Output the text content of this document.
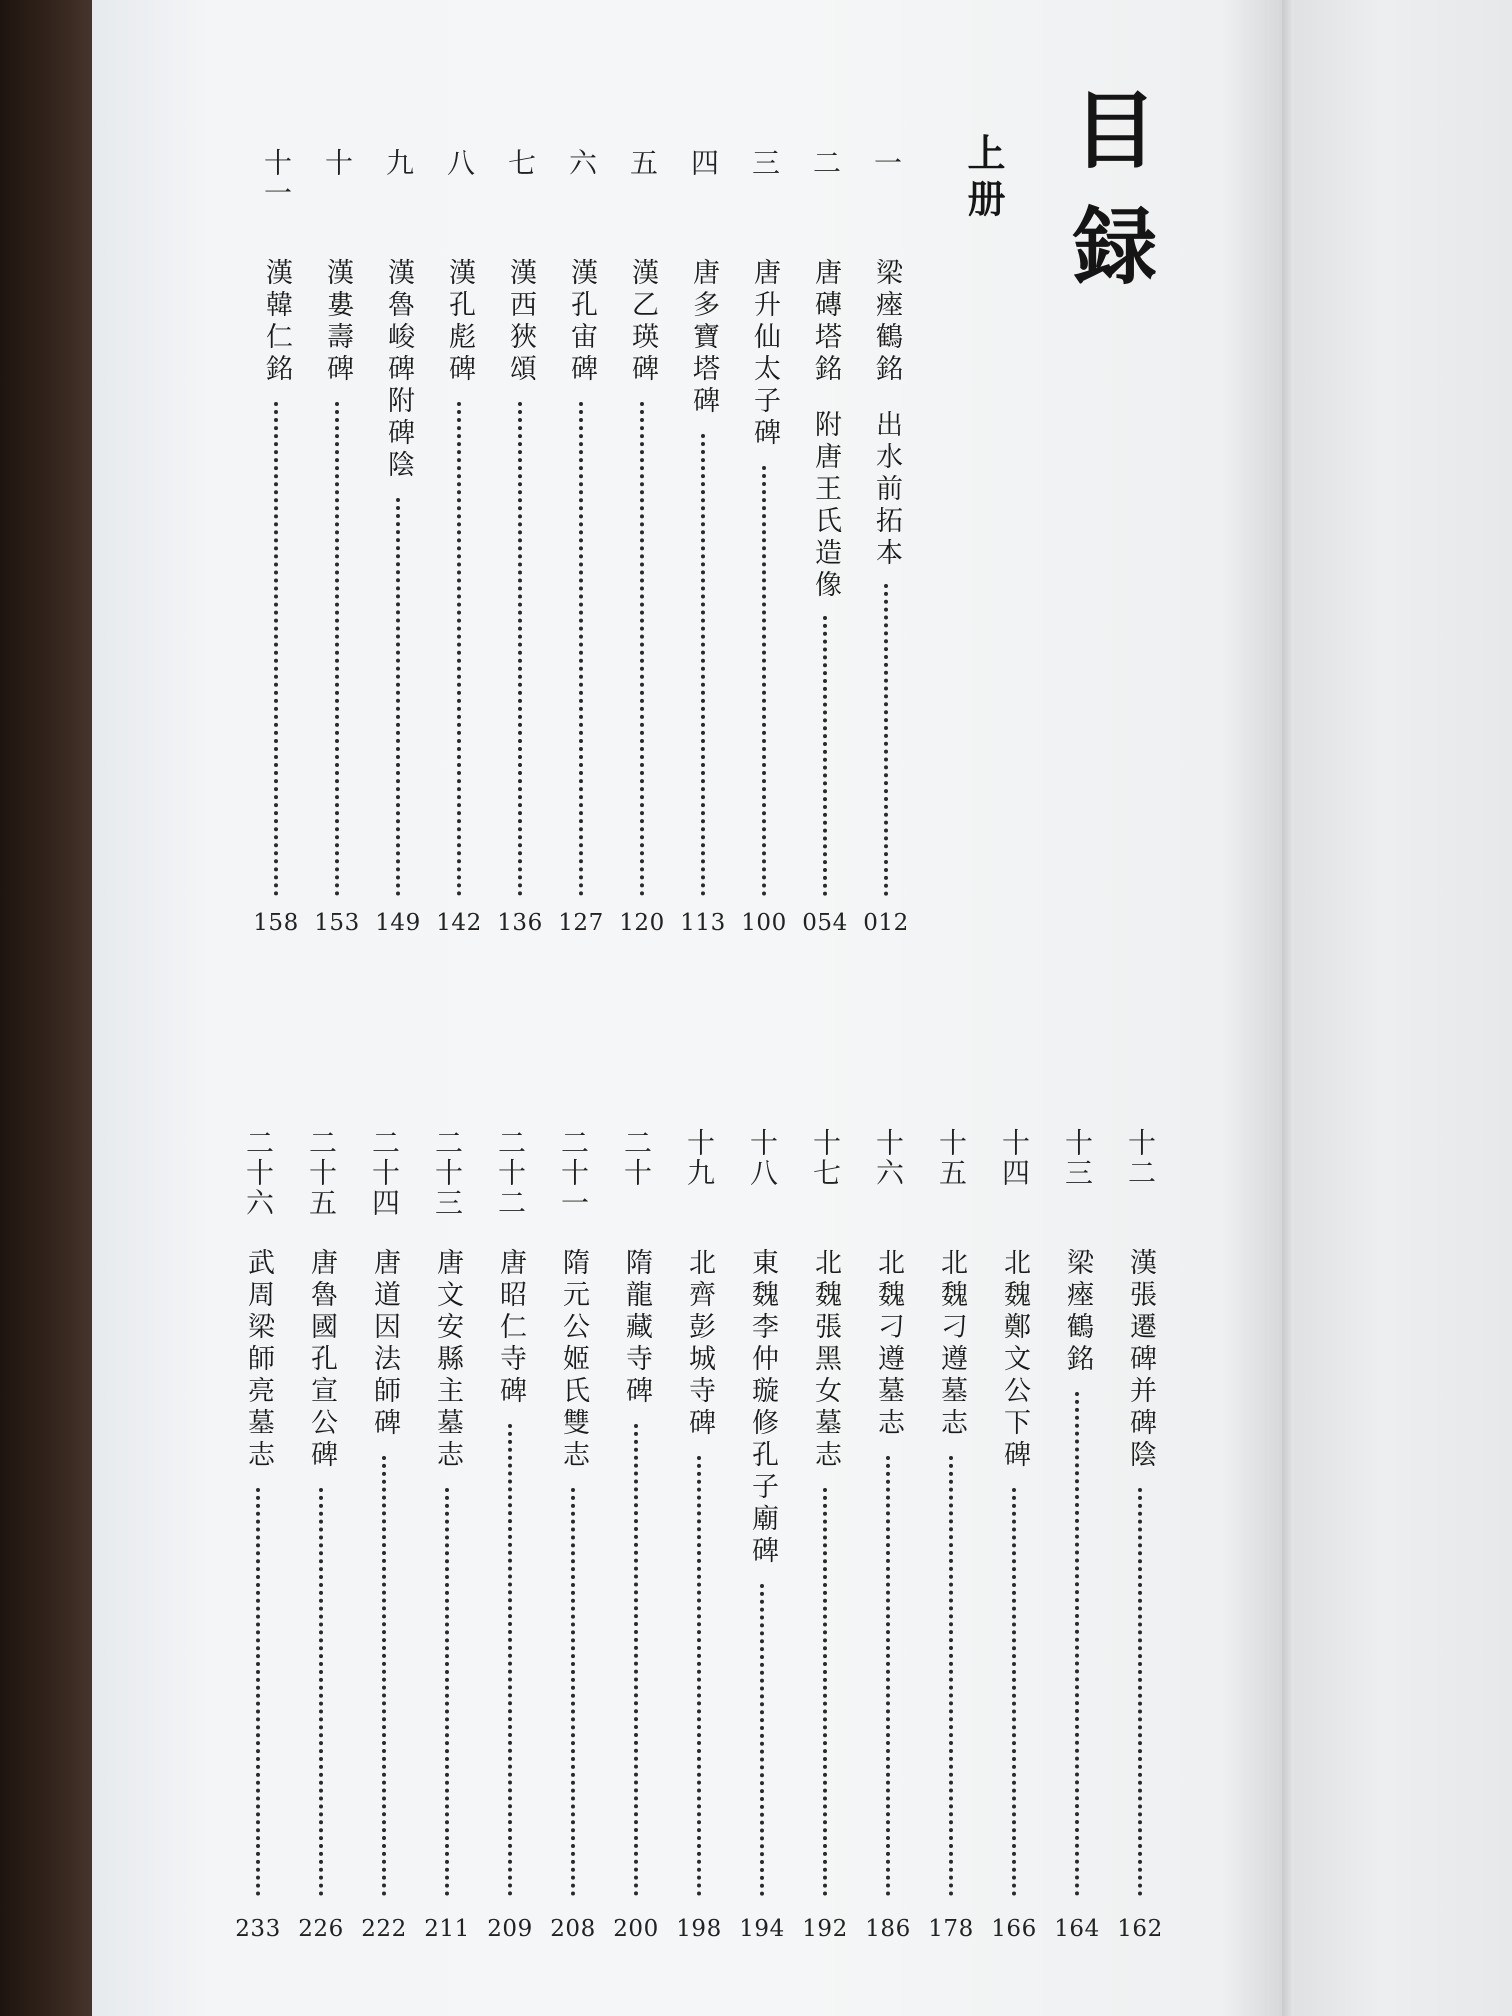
目
録
上册
一
梁瘞鶴銘
出水前拓本
012
二
唐磚塔銘
附唐王氏造像
054
三
唐升仙太子碑
100
四
唐多寶塔碑
113
五
漢乙瑛碑
120
六
漢孔宙碑
127
七
漢西狹頌
136
八
漢孔彪碑
142
九
漢魯峻碑附碑陰
149
十
漢婁壽碑
153
十一
漢韓仁銘
158
十二
漢張遷碑并碑陰
162
十三
梁瘞鶴銘
164
十四
北魏鄭文公下碑
166
十五
北魏刁遵墓志
178
十六
北魏刁遵墓志
186
十七
北魏張黑女墓志
192
十八
東魏李仲璇修孔子廟碑
194
十九
北齊彭城寺碑
198
二十
隋龍藏寺碑
200
二十一
隋元公姬氏雙志
208
二十二
唐昭仁寺碑
209
二十三
唐文安縣主墓志
211
二十四
唐道因法師碑
222
二十五
唐魯國孔宣公碑
226
二十六
武周梁師亮墓志
233
